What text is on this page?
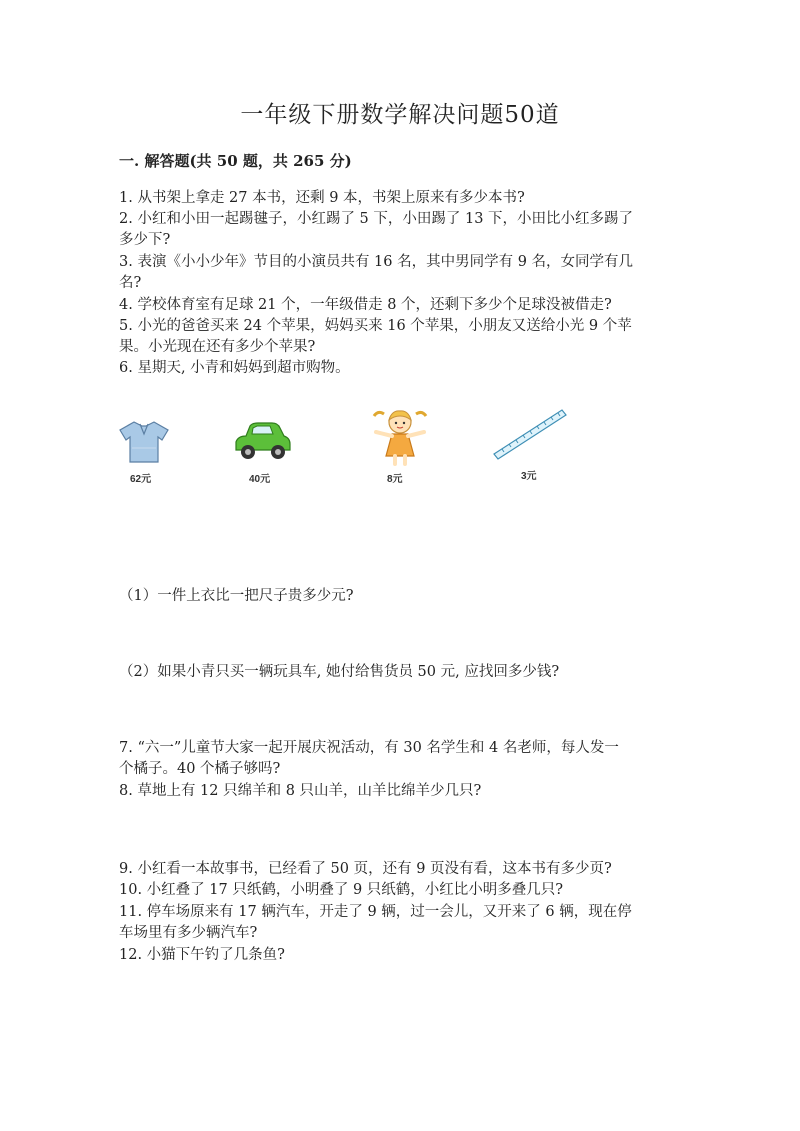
一年级下册数学解决问题50道
一. 解答题(共 50 题，共 265 分)
1. 从书架上拿走 27 本书，还剩 9 本，书架上原来有多少本书?
2. 小红和小田一起踢毽子，小红踢了 5 下，小田踢了 13 下，小田比小红多踢了
多少下?
3. 表演《小小少年》节目的小演员共有 16 名，其中男同学有 9 名，女同学有几
名?
4. 学校体育室有足球 21 个，一年级借走 8 个，还剩下多少个足球没被借走?
5. 小光的爸爸买来 24 个苹果，妈妈买来 16 个苹果，小朋友又送给小光 9 个苹
果。小光现在还有多少个苹果?
6. 星期天, 小青和妈妈到超市购物。
62元	40元	8元	3元
（1）一件上衣比一把尺子贵多少元?
（2）如果小青只买一辆玩具车, 她付给售货员 50 元, 应找回多少钱?
7. “六一”儿童节大家一起开展庆祝活动，有 30 名学生和 4 名老师，每人发一
个橘子。40 个橘子够吗?
8. 草地上有 12 只绵羊和 8 只山羊，山羊比绵羊少几只?
9. 小红看一本故事书，已经看了 50 页，还有 9 页没有看，这本书有多少页?
10. 小红叠了 17 只纸鹤，小明叠了 9 只纸鹤，小红比小明多叠几只?
11. 停车场原来有 17 辆汽车，开走了 9 辆，过一会儿，又开来了 6 辆，现在停
车场里有多少辆汽车?
12. 小猫下午钓了几条鱼?
